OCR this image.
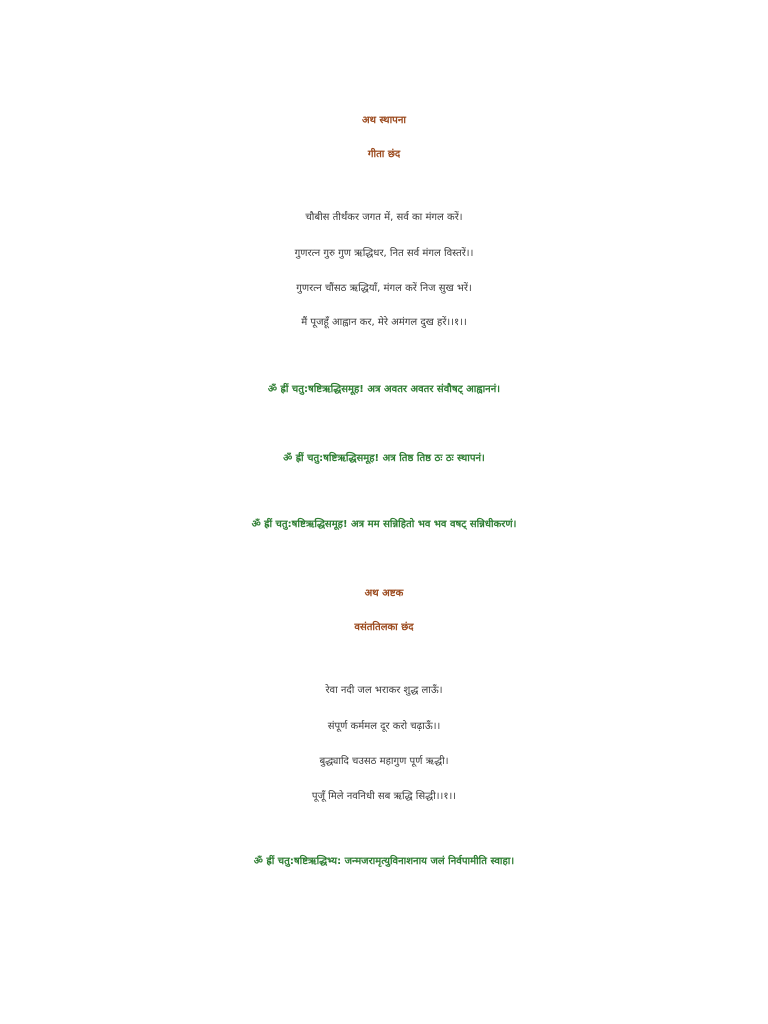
अथ स्थापना
गीता छंद
चौबीस तीर्थंकर जगत में, सर्व का मंगल करें।
गुणरत्न गुरु गुण ऋद्धिधर, नित सर्व मंगल विस्तरें।।
गुणरत्न चौंसठ ऋद्धियाँ, मंगल करें निज सुख भरें।
मैं पूजहूँ आह्वान कर, मेरे अमंगल दुख हरें।।१।।
ॐ ह्रीं चतु:षष्टिऋद्धिसमूह! अत्र अवतर अवतर संवौषट् आह्वाननं।
ॐ ह्रीं चतु:षष्टिऋद्धिसमूह! अत्र तिष्ठ तिष्ठ ठः ठः स्थापनं।
ॐ ह्रीं चतु:षष्टिऋद्धिसमूह! अत्र मम सन्निहितो भव भव वषट् सन्निधीकरणं।
अथ अष्टक
वसंततिलका छंद
रेवा नदी जल भराकर शुद्ध लाऊँ।
संपूर्ण कर्ममल दूर करो चढ़ाऊँ।।
बुद्ध्यादि चउसठ महागुण पूर्ण ऋद्धी।
पूजूँ मिले नवनिधी सब ऋद्धि सिद्धी।।१।।
ॐ ह्रीं चतु:षष्टिऋद्धिभ्य: जन्मजरामृत्युविनाशनाय जलं निर्वपामीति स्वाहा।
